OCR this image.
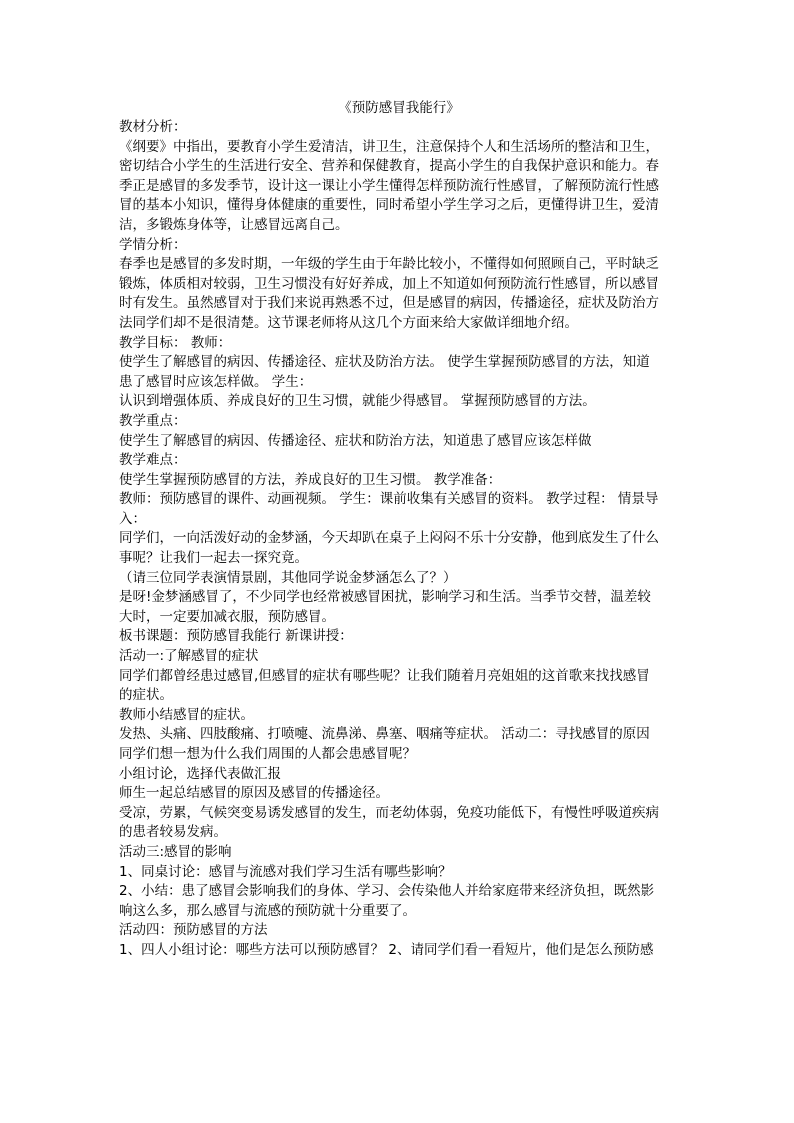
《预防感冒我能行》

教材分析：

《纲要》中指出，要教育小学生爱清洁，讲卫生，注意保持个人和生活场所的整洁和卫生，

密切结合小学生的生活进行安全、营养和保健教育，提高小学生的自我保护意识和能力。春

季正是感冒的多发季节，设计这一课让小学生懂得怎样预防流行性感冒，了解预防流行性感

冒的基本小知识，懂得身体健康的重要性，同时希望小学生学习之后，更懂得讲卫生，爱清

洁，多锻炼身体等，让感冒远离自己。

学情分析：

春季也是感冒的多发时期，一年级的学生由于年龄比较小，不懂得如何照顾自己，平时缺乏

锻炼，体质相对较弱，卫生习惯没有好好养成，加上不知道如何预防流行性感冒，所以感冒

时有发生。虽然感冒对于我们来说再熟悉不过，但是感冒的病因，传播途径，症状及防治方

法同学们却不是很清楚。这节课老师将从这几个方面来给大家做详细地介绍。

教学目标： 教师：

使学生了解感冒的病因、传播途径、症状及防治方法。 使学生掌握预防感冒的方法，知道

患了感冒时应该怎样做。 学生：

认识到增强体质、养成良好的卫生习惯，就能少得感冒。 掌握预防感冒的方法。

教学重点：

使学生了解感冒的病因、传播途径、症状和防治方法，知道患了感冒应该怎样做

教学难点：

使学生掌握预防感冒的方法，养成良好的卫生习惯。 教学准备：

教师：预防感冒的课件、动画视频。 学生：课前收集有关感冒的资料。 教学过程： 情景导

入：

同学们，一向活泼好动的金梦涵，今天却趴在桌子上闷闷不乐十分安静，他到底发生了什么

事呢？让我们一起去一探究竟。

（请三位同学表演情景剧，其他同学说金梦涵怎么了？）

是呀!金梦涵感冒了，不少同学也经常被感冒困扰，影响学习和生活。当季节交替，温差较

大时，一定要加减衣服，预防感冒。

板书课题：预防感冒我能行 新课讲授：

活动一:了解感冒的症状

同学们都曾经患过感冒,但感冒的症状有哪些呢？让我们随着月亮姐姐的这首歌来找找感冒

的症状。

教师小结感冒的症状。

发热、头痛、四肢酸痛、打喷嚏、流鼻涕、鼻塞、咽痛等症状。 活动二：寻找感冒的原因

同学们想一想为什么我们周围的人都会患感冒呢？

小组讨论，选择代表做汇报

师生一起总结感冒的原因及感冒的传播途径。

受凉，劳累，气候突变易诱发感冒的发生，而老幼体弱，免疫功能低下，有慢性呼吸道疾病

的患者较易发病。

活动三:感冒的影响

1、同桌讨论：感冒与流感对我们学习生活有哪些影响？

2、小结：患了感冒会影响我们的身体、学习、会传染他人并给家庭带来经济负担，既然影

响这么多，那么感冒与流感的预防就十分重要了。

活动四：预防感冒的方法

1、四人小组讨论：哪些方法可以预防感冒？ 2、请同学们看一看短片，他们是怎么预防感
